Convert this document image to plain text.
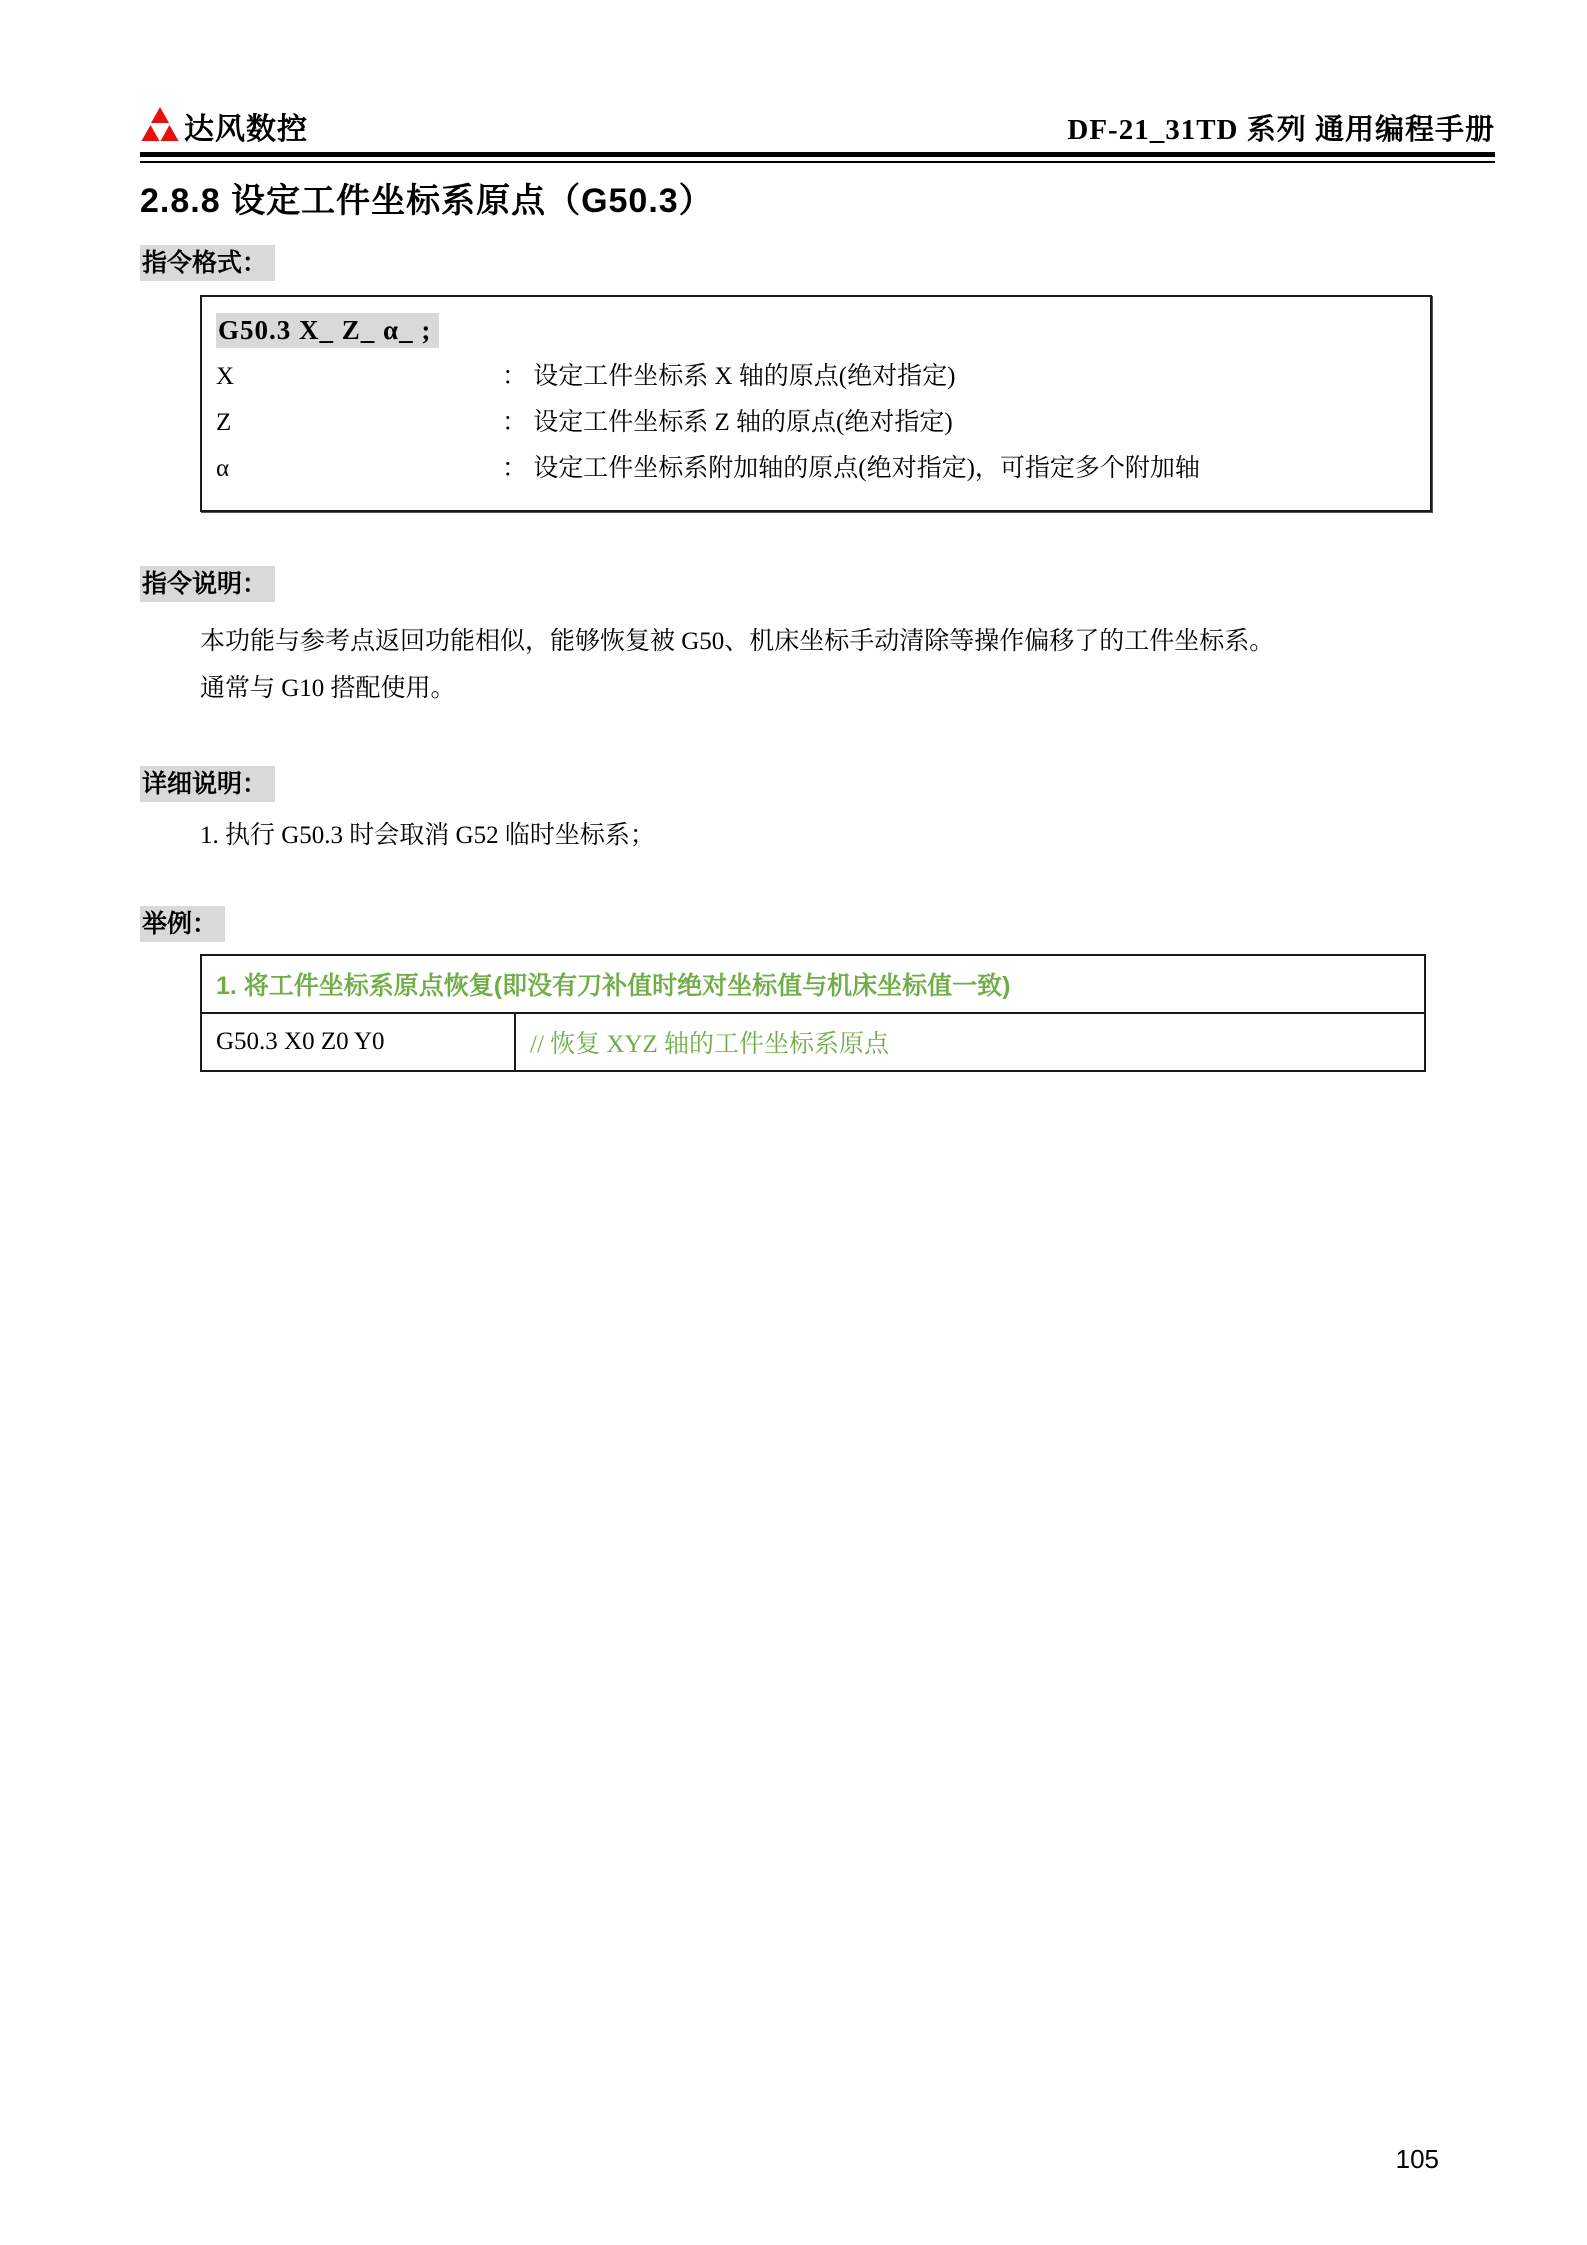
达风数控	DF-21_31TD 系列 通用编程手册
2.8.8 设定工件坐标系原点（G50.3）
指令格式：
G50.3 X_ Z_ α_ ;
X	： 设定工件坐标系 X 轴的原点(绝对指定)
Z	： 设定工件坐标系 Z 轴的原点(绝对指定)
α	： 设定工件坐标系附加轴的原点(绝对指定)，可指定多个附加轴
指令说明：
本功能与参考点返回功能相似，能够恢复被 G50、机床坐标手动清除等操作偏移了的工件坐标系。
通常与 G10 搭配使用。
详细说明：
1. 执行 G50.3 时会取消 G52 临时坐标系；
举例：
1. 将工件坐标系原点恢复(即没有刀补值时绝对坐标值与机床坐标值一致)
G50.3 X0 Z0 Y0	// 恢复 XYZ 轴的工件坐标系原点
105
